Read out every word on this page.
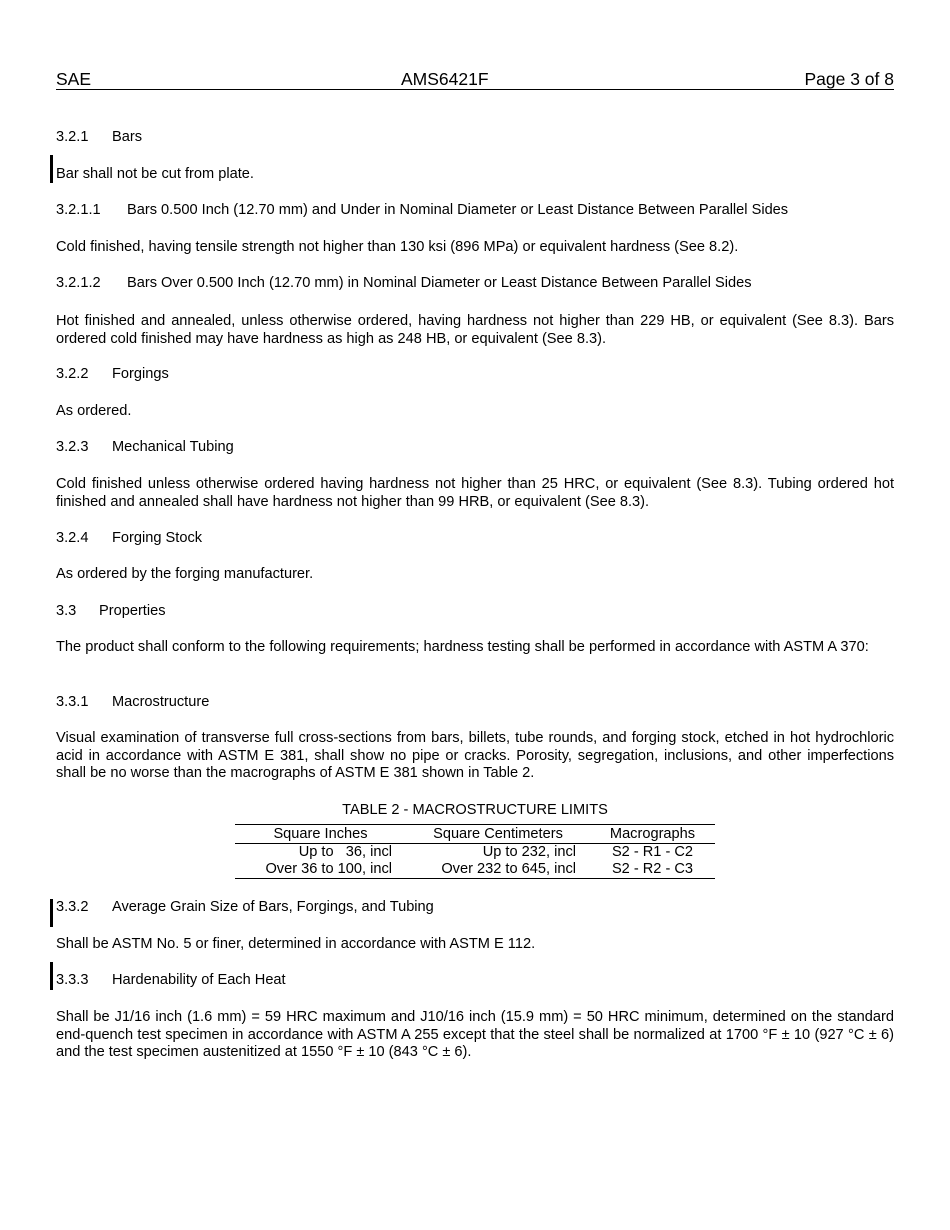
SAE	AMS6421F	Page 3 of 8
3.2.1 Bars
Bar shall not be cut from plate.
3.2.1.1 Bars 0.500 Inch (12.70 mm) and Under in Nominal Diameter or Least Distance Between Parallel Sides
Cold finished, having tensile strength not higher than 130 ksi (896 MPa) or equivalent hardness (See 8.2).
3.2.1.2 Bars Over 0.500 Inch (12.70 mm) in Nominal Diameter or Least Distance Between Parallel Sides
Hot finished and annealed, unless otherwise ordered, having hardness not higher than 229 HB, or equivalent (See 8.3). Bars ordered cold finished may have hardness as high as 248 HB, or equivalent (See 8.3).
3.2.2 Forgings
As ordered.
3.2.3 Mechanical Tubing
Cold finished unless otherwise ordered having hardness not higher than 25 HRC, or equivalent (See 8.3). Tubing ordered hot finished and annealed shall have hardness not higher than 99 HRB, or equivalent (See 8.3).
3.2.4 Forging Stock
As ordered by the forging manufacturer.
3.3 Properties
The product shall conform to the following requirements; hardness testing shall be performed in accordance with ASTM A 370:
3.3.1 Macrostructure
Visual examination of transverse full cross-sections from bars, billets, tube rounds, and forging stock, etched in hot hydrochloric acid in accordance with ASTM E 381, shall show no pipe or cracks. Porosity, segregation, inclusions, and other imperfections shall be no worse than the macrographs of ASTM E 381 shown in Table 2.
TABLE 2 - MACROSTRUCTURE LIMITS
Square Inches	Square Centimeters	Macrographs
Up to   36, incl	Up to 232, incl	S2 - R1 - C2
Over 36 to 100, incl	Over 232 to 645, incl	S2 - R2 - C3
3.3.2 Average Grain Size of Bars, Forgings, and Tubing
Shall be ASTM No. 5 or finer, determined in accordance with ASTM E 112.
3.3.3 Hardenability of Each Heat
Shall be J1/16 inch (1.6 mm) = 59 HRC maximum and J10/16 inch (15.9 mm) = 50 HRC minimum, determined on the standard end-quench test specimen in accordance with ASTM A 255 except that the steel shall be normalized at 1700 °F ± 10 (927 °C ± 6) and the test specimen austenitized at 1550 °F ± 10 (843 °C ± 6).
